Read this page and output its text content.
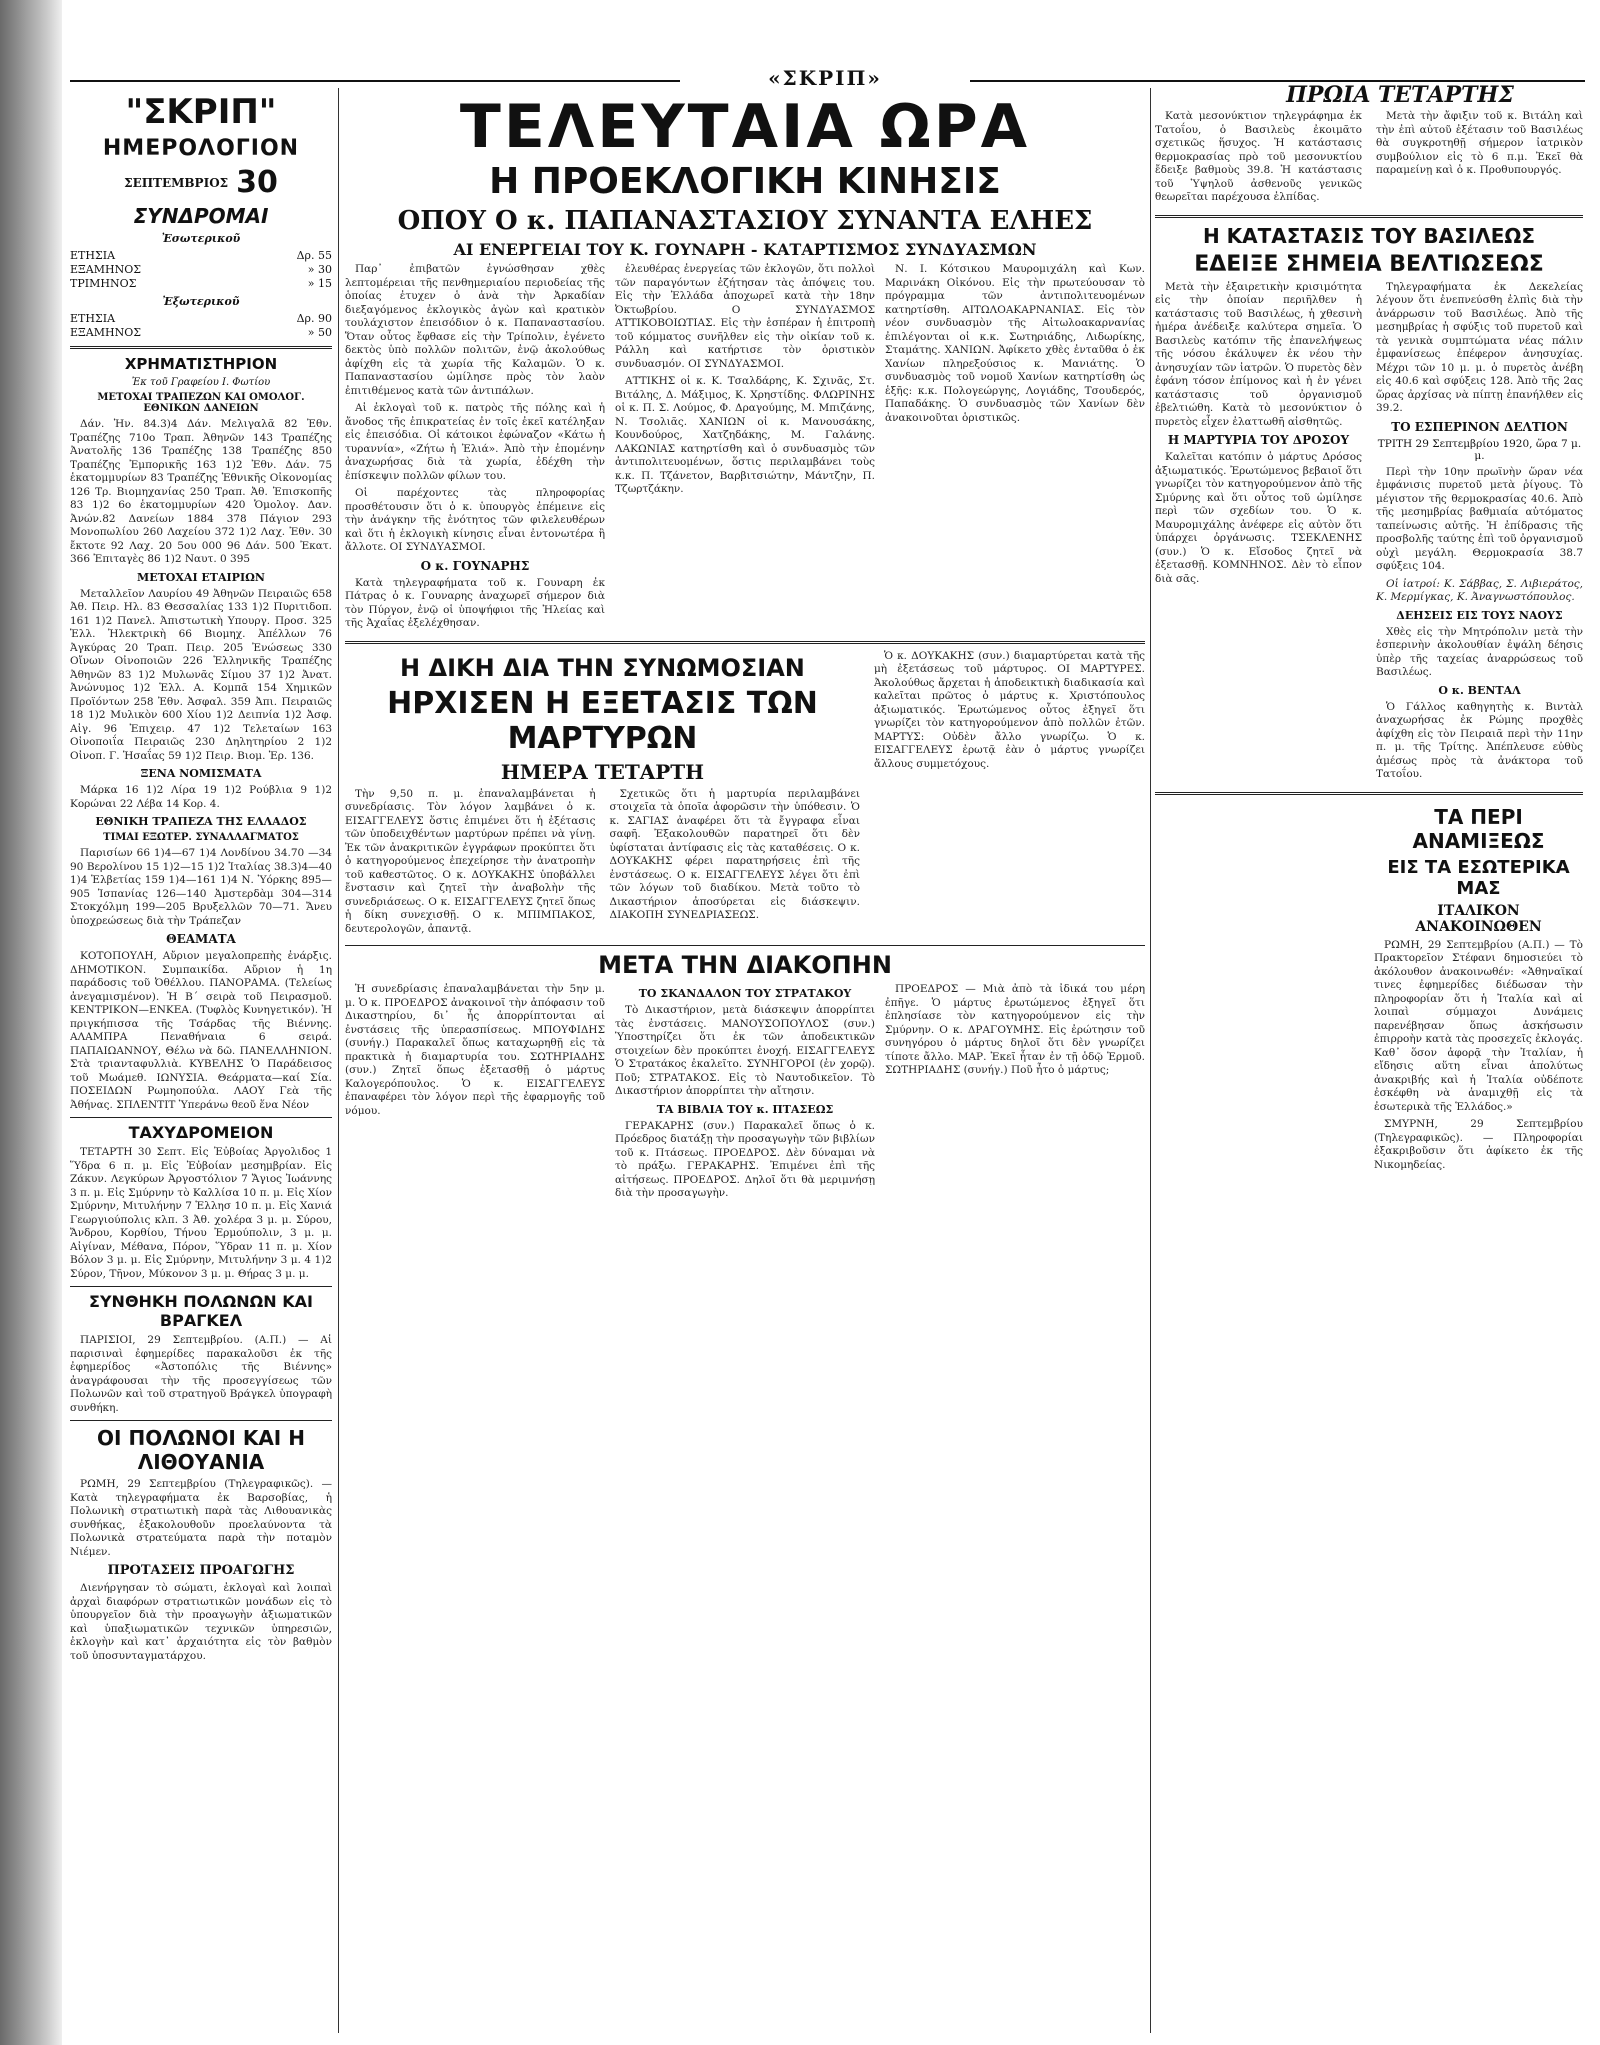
«ΣΚΡΙΠ»
ΠΡΩΙΑ ΤΕΤΑΡΤΗΣ
"ΣΚΡΙΠ"
ΗΜΕΡΟΛΟΓΙΟΝ
ΣΕΠΤΕΜΒΡΙΟΣ 30
ΣΥΝΔΡΟΜΑΙ
Ἐσωτερικοῦ
ΕΤΗΣΙΑ	Δρ. 55
ΕΞΑΜΗΝΟΣ	» 30
ΤΡΙΜΗΝΟΣ	» 15
Ἐξωτερικοῦ
ΕΤΗΣΙΑ	Δρ. 90
ΕΞΑΜΗΝΟΣ	» 50
ΧΡΗΜΑΤΙΣΤΗΡΙΟΝ
Ἐκ τοῦ Γραφείου Ι. Φωτίου
ΜΕΤΟΧΑΙ ΤΡΑΠΕΖΩΝ ΚΑΙ ΟΜΟΛΟΓ. ΕΘΝΙΚΩΝ ΔΑΝΕΙΩΝ

Δάν. Ἠν. 84.3)4 Δάν. Μελιγαλᾶ 82 Ἐθν. Τραπέζης 710ο Τραπ. Ἀθηνῶν 143 Τραπέζης Ἀνατολῆς 136 Τραπέζης 138 Τραπέζης 850 Τραπέζης Ἐμπορικῆς 163 1)2 Ἐθν. Δάν. 75 ἑκατομμυρίων 83 Τραπέζης Ἐθνικῆς Οἰκονομίας 126 Τρ. Βιομηχανίας 250 Τραπ. Ἀθ. Ἐπισκοπῆς 83 1)2 6ο ἑκατομμυρίων 420 Ὁμολογ. Δαν. Ἀνών.82 Δανείων 1884 378 Πάγιον 293 Μονοπωλίου 260 Λαχείου 372 1)2 Λαχ. Ἐθν. 30 ἔκτοτε 92 Λαχ. 20 5ου 000 96 Δάν. 500 Ἐκατ. 366 Ἐπιταγὲς 86 1)2 Ναυτ. 0 395

ΜΕΤΟΧΑΙ ΕΤΑΙΡΙΩΝ

Μεταλλεῖον Λαυρίου 49 Ἀθηνῶν Πειραιῶς 658 Ἀθ. Πειρ. Ηλ. 83 Θεσσαλίας 133 1)2 Πυριτιδοπ. 161 1)2 Πανελ. Ἀπιστωτικὴ Υπουργ. Προσ. 325 Ἑλλ. Ἠλεκτρικὴ 66 Βιομηχ. Ἀπέλλων 76 Ἀγκύρας 20 Τραπ. Πειρ. 205 Ἐνώσεως 330 Οἴνων Οἰνοποιῶν 226 Ἑλληνικῆς Τραπέζης Ἀθηνῶν 83 1)2 Μυλωνᾶς Σίμου 37 1)2 Ἀνατ. Ἀνώνυμος 1)2 Ἑλλ. Α. Κομπᾶ 154 Χημικῶν Προϊόντων 258 Ἐθν. Ἀσφαλ. 359 Ἀπι. Πειραιῶς 18 1)2 Μυλικὸν 600 Χίου 1)2 Δειπνία 1)2 Ἀσφ. Αἰγ. 96 Ἐπιχειρ. 47 1)2 Τελεταίων 163 Οἰνοποιΐα Πειραιῶς 230 Δηλητηρίου 2 1)2 Οἰνοπ. Γ. Ἡσαΐας 59 1)2 Πειρ. Βιομ. Ἐρ. 136.

ΞΕΝΑ ΝΟΜΙΣΜΑΤΑ

Μάρκα 16 1)2 Λίρα 19 1)2 Ρούβλια 9 1)2 Κορώναι 22 Λέβα 14 Κορ. 4.

ΕΘΝΙΚΗ ΤΡΑΠΕΖΑ ΤΗΣ ΕΛΛΑΔΟΣ
ΤΙΜΑΙ ΕΞΩΤΕΡ. ΣΥΝΑΛΛΑΓΜΑΤΟΣ

Παρισίων 66 1)4—67 1)4 Λονδίνου 34.70 —34 90 Βερολίνου 15 1)2—15 1)2 Ἰταλίας 38.3)4—40 1)4 Ἑλβετίας 159 1)4—161 1)4 Ν. Ὑόρκης 895—905 Ἰσπανίας 126—140 Ἀμστερδὰμ 304—314 Στοκχόλμη 199—205 Βρυξελλῶν 70—71. Ἄνευ ὑποχρεώσεως διὰ τὴν Τράπεζαν

ΘΕΑΜΑΤΑ

ΚΟΤΟΠΟΥΛΗ, Αὔριον μεγαλοπρεπὴς ἐνάρξις. ΔΗΜΟΤΙΚΟΝ. Συμπαικίδα. Αὔριον ἡ 1η παράδοσις τοῦ Ὀθέλλου. ΠΑΝΟΡΑΜΑ. (Τελείως ἀνεγαμισμένον). Ἡ Β΄ σειρὰ τοῦ Πειρασμοῦ. ΚΕΝΤΡΙΚΟΝ—ΕΝΚΕΑ. (Τυφλὸς Κυνηγετικόν). Ἡ πριγκήπισσα τῆς Τσάρδας τῆς Βιέννης. ΑΛΑΜΠΡΑ Πεναθήναια 6 σειρά. ΠΑΠΑΙΩΑΝΝΟΥ, Θέλω νὰ δῶ. ΠΑΝΕΛΛΗΝΙΟΝ. Στὰ τριανταφυλλιὰ. ΚΥΒΕΛΗΣ Ὁ Παράδεισος τοῦ Μωάμεθ. ΙΩΝΥΣΙΑ. Θεάρματα—καί Σία. ΠΟΣΕΙΔΩΝ Ρωμηοπούλα. ΛΑΟΥ Γεὰ τῆς Ἀθήνας. ΣΠΛΕΝΤΙΤ Ὑπεράνω θεοῦ ἕνα Νέον

ΤΑΧΥΔΡΟΜΕΙΟΝ

ΤΕΤΑΡΤΗ 30 Σεπτ. Εἰς Ἐὐβοίας Ἀργολιδος 1 Ὕδρα 6 π. μ. Εἰς Ἐὐβοίαν μεσημβρίαν. Εἰς Ζάκυν. Λεγκύρων Ἀργοστόλιον 7 Ἄγιος Ἰωάννης 3 π. μ. Εἰς Σμύρνην τὸ Καλλίσα 10 π. μ. Εἰς Χίον Σμύρνην, Μιτυλήνην 7 Ἑλλησ 10 π. μ. Εἰς Χανιά Γεωργιούπολις κλπ. 3 Ἀθ. χολέρα 3 μ. μ. Σύρου, Ἄνδρου, Κορθίου, Τήνου Ἐρμούπολιν, 3 μ. μ. Αἰγίναν, Μέθανα, Πόρον, Ὕδραν 11 π. μ. Χίον Βόλον 3 μ. μ. Εἰς Σμύρνην, Μιτυλήνην 3 μ. 4 1)2 Σύρον, Τῆνον, Μύκονον 3 μ. μ. Θήρας 3 μ. μ.

ΣΥΝΘΗΚΗ ΠΟΛΩΝΩΝ ΚΑΙ ΒΡΑΓΚΕΛ

ΠΑΡΙΣΙΟΙ, 29 Σεπτεμβρίου. (Α.Π.) — Αἱ παρισιναὶ ἐφημερίδες παρακαλοῦσι ἐκ τῆς ἐφημερίδος «Ἀστοπόλις τῆς Βιέννης» ἀναγράφουσαι τὴν τῆς προσεγγίσεως τῶν Πολωνῶν καὶ τοῦ στρατηγοῦ Βράγκελ ὑπογραφὴ συνθήκη.

ΟΙ ΠΟΛΩΝΟΙ ΚΑΙ Η ΛΙΘΟΥΑΝΙΑ

ΡΩΜΗ, 29 Σεπτεμβρίου (Τηλεγραφικῶς). — Κατὰ τηλεγραφήματα ἐκ Βαρσοβίας, ἡ Πολωνικὴ στρατιωτικὴ παρὰ τὰς Λιθουανικὰς συνθήκας, ἐξακολουθοῦν προελαύνοντα τὰ Πολωνικὰ στρατεύματα παρὰ τὴν ποταμὸν Νιέμεν.

ΠΡΟΤΑΣΕΙΣ ΠΡΟΑΓΩΓΗΣ

Διενήργησαν τὸ σώματι, ἐκλογαὶ καὶ λοιπαὶ ἀρχαὶ διαφόρων στρατιωτικῶν μονάδων εἰς τὸ ὑπουργεῖον διὰ τὴν προαγωγὴν ἀξιωματικῶν καὶ ὑπαξιωματικῶν τεχνικῶν ὑπηρεσιῶν, ἐκλογὴν καὶ κατ᾽ ἀρχαιότητα εἰς τὸν βαθμὸν τοῦ ὑποσυνταγματάρχου.

ΤΕΛΕΥΤΑΙΑ ΩΡΑ
Η ΠΡΟΕΚΛΟΓΙΚΗ ΚΙΝΗΣΙΣ
ΟΠΟΥ Ο κ. ΠΑΠΑΝΑΣΤΑΣΙΟΥ ΣΥΝΑΝΤΑ ΕΛΗΕΣ
ΑΙ ΕΝΕΡΓΕΙΑΙ ΤΟΥ Κ. ΓΟΥΝΑΡΗ - ΚΑΤΑΡΤΙΣΜΟΣ ΣΥΝΔΥΑΣΜΩΝ

Παρ᾽ ἐπιβατῶν ἐγνώσθησαν χθὲς λεπτομέρειαι τῆς πενθημεριαίου περιοδείας τῆς ὁποίας ἐτυχεν ὁ ἀνὰ τὴν Ἀρκαδίαν διεξαγόμενος ἐκλογικὸς ἀγὼν καὶ κρατικὸν τουλάχιστον ἐπεισόδιον ὁ κ. Παπαναστασίου. Ὅταν οὗτος ἔφθασε εἰς τὴν Τρίπολιν, ἐγένετο δεκτὸς ὑπὸ πολλῶν πολιτῶν, ἐνῷ ἀκολούθως ἀφίχθη εἰς τὰ χωρία τῆς Καλαμῶν. Ὁ κ. Παπαναστασίου ὡμίλησε πρὸς τὸν λαὸν ἐπιτιθέμενος κατὰ τῶν ἀντιπάλων.

Αἱ ἐκλογαὶ τοῦ κ. πατρὸς τῆς πόλης καὶ ἡ ἄνοδος τῆς ἐπικρατείας ἐν τοῖς ἐκεῖ κατέληξαν εἰς ἐπεισόδια. Οἱ κάτοικοι ἐφώναζον «Κάτω ἡ τυραννία», «Ζήτω ἡ Ἐλιά». Ἀπὸ τὴν ἐπομένην ἀναχωρήσας διὰ τὰ χωρία, ἐδέχθη τὴν ἐπίσκεψιν πολλῶν φίλων του.

Οἱ παρέχοντες τὰς πληροφορίας προσθέτουσιν ὅτι ὁ κ. ὑπουργὸς ἐπέμεινε εἰς τὴν ἀνάγκην τῆς ἑνότητος τῶν φιλελευθέρων καὶ ὅτι ἡ ἐκλογικὴ κίνησις εἶναι ἐντονωτέρα ἢ ἄλλοτε. ΟΙ ΣΥΝΔΥΑΣΜΟΙ.

Ο κ. ΓΟΥΝΑΡΗΣ

Κατὰ τηλεγραφήματα τοῦ κ. Γουναρη ἐκ Πάτρας ὁ κ. Γουναρης ἀναχωρεῖ σήμερον διὰ τὸν Πύργον, ἐνῷ οἱ ὑποψήφιοι τῆς Ἠλείας καὶ τῆς Ἀχαΐας ἐξελέχθησαν.

ἐλευθέρας ἐνεργείας τῶν ἐκλογῶν, ὅτι πολλοὶ τῶν παραγόντων ἐζήτησαν τὰς ἀπόψεις του. Εἰς τὴν Ἑλλάδα ἀποχωρεῖ κατὰ τὴν 18ην Ὀκτωβρίου. Ο ΣΥΝΔΥΑΣΜΟΣ ΑΤΤΙΚΟΒΟΙΩΤΙΑΣ. Εἰς τὴν ἑσπέραν ἡ ἐπιτροπὴ τοῦ κόμματος συνῆλθεν εἰς τὴν οἰκίαν τοῦ κ. Ράλλη καὶ κατήρτισε τὸν ὁριστικὸν συνδυασμόν. ΟΙ ΣΥΝΔΥΑΣΜΟΙ.

ΑΤΤΙΚΗΣ οἱ κ. Κ. Τσαλδάρης, Κ. Σχινᾶς, Στ. Βιτάλης, Δ. Μάξιμος, Κ. Χρηστίδης. ΦΛΩΡΙΝΗΣ οἱ κ. Π. Σ. Λούμος, Φ. Δραγούμης, Μ. Μπιζάνης, Ν. Τσολιᾶς. ΧΑΝΙΩΝ οἱ κ. Μανουσάκης, Κουνδούρος, Χατζηδάκης, Μ. Γαλάνης. ΛΑΚΩΝΙΑΣ κατηρτίσθη καὶ ὁ συνδυασμὸς τῶν ἀντιπολιτευομένων, ὅστις περιλαμβάνει τοὺς κ.κ. Π. Τζάνετον, Βαρβιτσιώτην, Μάντζην, Π. Τζωρτζάκην.

Ν. Ι. Κότσικου Μαυρομιχάλη καὶ Κων. Μαρινάκη Οἰκόνου. Εἰς τὴν πρωτεύουσαν τὸ πρόγραμμα τῶν ἀντιπολιτευομένων κατηρτίσθη. ΑΙΤΩΛΟΑΚΑΡΝΑΝΙΑΣ. Εἰς τὸν νέον συνδυασμὸν τῆς Αἰτωλοακαρνανίας ἐπιλέγονται οἱ κ.κ. Σωτηριάδης, Λιδωρίκης, Σταμάτης. ΧΑΝΙΩΝ. Ἀφίκετο χθὲς ἐνταῦθα ὁ ἐκ Χανίων πληρεξούσιος κ. Μανιάτης. Ὁ συνδυασμὸς τοῦ νομοῦ Χανίων κατηρτίσθη ὡς ἑξῆς: κ.κ. Πολογεώργης, Λογιάδης, Τσουδερός, Παπαδάκης. Ὁ συνδυασμὸς τῶν Χανίων δὲν ἀνακοινοῦται ὁριστικῶς.

Η ΔΙΚΗ ΔΙΑ ΤΗΝ ΣΥΝΩΜΟΣΙΑΝ
ΗΡΧΙΣΕΝ Η ΕΞΕΤΑΣΙΣ ΤΩΝ ΜΑΡΤΥΡΩΝ
ΗΜΕΡΑ ΤΕΤΑΡΤΗ

Τὴν 9,50 π. μ. ἐπαναλαμβάνεται ἡ συνεδρίασις. Τὸν λόγον λαμβάνει ὁ κ. ΕΙΣΑΓΓΕΛΕΥΣ ὅστις ἐπιμένει ὅτι ἡ ἐξέτασις τῶν ὑποδειχθέντων μαρτύρων πρέπει νὰ γίνῃ. Ἐκ τῶν ἀνακριτικῶν ἐγγράφων προκύπτει ὅτι ὁ κατηγορούμενος ἐπεχείρησε τὴν ἀνατροπὴν τοῦ καθεστῶτος. Ο κ. ΔΟΥΚΑΚΗΣ ὑποβάλλει ἔνστασιν καὶ ζητεῖ τὴν ἀναβολὴν τῆς συνεδριάσεως. Ο κ. ΕΙΣΑΓΓΕΛΕΥΣ ζητεῖ ὅπως ἡ δίκη συνεχισθῇ. Ο κ. ΜΠΙΜΠΑΚΟΣ, δευτερολογῶν, ἀπαντᾷ.

Σχετικῶς ὅτι ἡ μαρτυρία περιλαμβάνει στοιχεῖα τὰ ὁποῖα ἀφορῶσιν τὴν ὑπόθεσιν. Ὁ κ. ΣΑΓΙΑΣ ἀναφέρει ὅτι τὰ ἔγγραφα εἶναι σαφῆ. Ἐξακολουθῶν παρατηρεῖ ὅτι δὲν ὑφίσταται ἀντίφασις εἰς τὰς καταθέσεις. Ο κ. ΔΟΥΚΑΚΗΣ φέρει παρατηρήσεις ἐπὶ τῆς ἐνστάσεως. Ο κ. ΕΙΣΑΓΓΕΛΕΥΣ λέγει ὅτι ἐπὶ τῶν λόγων τοῦ διαδίκου. Μετὰ τοῦτο τὸ Δικαστήριον ἀποσύρεται εἰς διάσκεψιν. ΔΙΑΚΟΠΗ ΣΥΝΕΔΡΙΑΣΕΩΣ.

Ὁ κ. ΔΟΥΚΑΚΗΣ (συν.) διαμαρτύρεται κατὰ τῆς μὴ ἐξετάσεως τοῦ μάρτυρος. ΟΙ ΜΑΡΤΥΡΕΣ. Ἀκολούθως ἄρχεται ἡ ἀποδεικτικὴ διαδικασία καὶ καλεῖται πρῶτος ὁ μάρτυς κ. Χριστόπουλος ἀξιωματικός. Ἐρωτώμενος οὗτος ἐξηγεῖ ὅτι γνωρίζει τὸν κατηγορούμενον ἀπὸ πολλῶν ἐτῶν. ΜΑΡΤΥΣ: Οὐδὲν ἄλλο γνωρίζω. Ὁ κ. ΕΙΣΑΓΓΕΛΕΥΣ ἐρωτᾷ ἐὰν ὁ μάρτυς γνωρίζει ἄλλους συμμετόχους.

ΜΕΤΑ ΤΗΝ ΔΙΑΚΟΠΗΝ

Ἡ συνεδρίασις ἐπαναλαμβάνεται τὴν 5ην μ. μ. Ὁ κ. ΠΡΟΕΔΡΟΣ ἀνακοινοῖ τὴν ἀπόφασιν τοῦ Δικαστηρίου, δι᾽ ἧς ἀπορρίπτονται αἱ ἐνστάσεις τῆς ὑπερασπίσεως. ΜΠΟΥΦΙΔΗΣ (συνήγ.) Παρακαλεῖ ὅπως καταχωρηθῇ εἰς τὰ πρακτικὰ ἡ διαμαρτυρία του. ΣΩΤΗΡΙΑΔΗΣ (συν.) Ζητεῖ ὅπως ἐξετασθῇ ὁ μάρτυς Καλογερόπουλος. Ὁ κ. ΕΙΣΑΓΓΕΛΕΥΣ ἐπαναφέρει τὸν λόγον περὶ τῆς ἐφαρμογῆς τοῦ νόμου.

ΤΟ ΣΚΑΝΔΑΛΟΝ ΤΟΥ ΣΤΡΑΤΑΚΟΥ

Τὸ Δικαστήριον, μετὰ διάσκεψιν ἀπορρίπτει τὰς ἐνστάσεις. ΜΑΝΟΥΣΟΠΟΥΛΟΣ (συν.) Ὑποστηρίζει ὅτι ἐκ τῶν ἀποδεικτικῶν στοιχείων δὲν προκύπτει ἐνοχή. ΕΙΣΑΓΓΕΛΕΥΣ Ὁ Στρατάκος ἐκαλεῖτο. ΣΥΝΗΓΟΡΟΙ (ἐν χορῷ). Ποῦ; ΣΤΡΑΤΑΚΟΣ. Εἰς τὸ Ναυτοδικεῖον. Τὸ Δικαστήριον ἀπορρίπτει τὴν αἴτησιν.

ΤΑ ΒΙΒΛΙΑ ΤΟΥ κ. ΠΤΑΣΕΩΣ

ΓΕΡΑΚΑΡΗΣ (συν.) Παρακαλεῖ ὅπως ὁ κ. Πρόεδρος διατάξῃ τὴν προσαγωγὴν τῶν βιβλίων τοῦ κ. Πτάσεως. ΠΡΟΕΔΡΟΣ. Δὲν δύναμαι νὰ τὸ πράξω. ΓΕΡΑΚΑΡΗΣ. Ἐπιμένει ἐπὶ τῆς αἰτήσεως. ΠΡΟΕΔΡΟΣ. Δηλοῖ ὅτι θὰ μεριμνήσῃ διὰ τὴν προσαγωγὴν.

ΠΡΟΕΔΡΟΣ — Μιὰ ἀπὸ τὰ ἰδικά του μέρη ἐπῆγε. Ὁ μάρτυς ἐρωτώμενος ἐξηγεῖ ὅτι ἐπλησίασε τὸν κατηγορούμενον εἰς τὴν Σμύρνην. Ο κ. ΔΡΑΓΟΥΜΗΣ. Εἰς ἐρώτησιν τοῦ συνηγόρου ὁ μάρτυς δηλοῖ ὅτι δὲν γνωρίζει τίποτε ἄλλο. ΜΑΡ. Ἐκεῖ ἦταν ἐν τῇ ὁδῷ Ἑρμοῦ. ΣΩΤΗΡΙΑΔΗΣ (συνήγ.) Ποῦ ἦτο ὁ μάρτυς;

Κατὰ μεσονύκτιον τηλεγράφημα ἐκ Τατοΐου, ὁ Βασιλεὺς ἐκοιμᾶτο σχετικῶς ἥσυχος. Ἡ κατάστασις θερμοκρασίας πρὸ τοῦ μεσονυκτίου ἔδειξε βαθμοὺς 39.8. Ἡ κατάστασις τοῦ Ὑψηλοῦ ἀσθενοῦς γενικῶς θεωρεῖται παρέχουσα ἐλπίδας.

Μετὰ τὴν ἄφιξιν τοῦ κ. Βιτάλη καὶ τὴν ἐπὶ αὐτοῦ ἐξέτασιν τοῦ Βασιλέως θὰ συγκροτηθῇ σήμερον ἰατρικὸν συμβούλιον εἰς τὸ 6 π.μ. Ἐκεῖ θὰ παραμείνῃ καὶ ὁ κ. Προθυπουργός.

Η ΚΑΤΑΣΤΑΣΙΣ ΤΟΥ ΒΑΣΙΛΕΩΣ
ΕΔΕΙΞΕ ΣΗΜΕΙΑ ΒΕΛΤΙΩΣΕΩΣ

Μετὰ τὴν ἐξαιρετικὴν κρισιμότητα εἰς τὴν ὁποίαν περιῆλθεν ἡ κατάστασις τοῦ Βασιλέως, ἡ χθεσινὴ ἡμέρα ἀνέδειξε καλύτερα σημεῖα. Ὁ Βασιλεὺς κατόπιν τῆς ἐπανελήψεως τῆς νόσου ἐκάλυψεν ἐκ νέου τὴν ἀνησυχίαν τῶν ἰατρῶν. Ὁ πυρετὸς δὲν ἐφάνη τόσον ἐπίμονος καὶ ἡ ἐν γένει κατάστασις τοῦ ὀργανισμοῦ ἐβελτιώθη. Κατὰ τὸ μεσονύκτιον ὁ πυρετὸς εἶχεν ἐλαττωθῆ αἰσθητῶς.

Η ΜΑΡΤΥΡΙΑ ΤΟΥ ΔΡΟΣΟΥ

Καλεῖται κατόπιν ὁ μάρτυς Δρόσος ἀξιωματικός. Ἐρωτώμενος βεβαιοῖ ὅτι γνωρίζει τὸν κατηγορούμενον ἀπὸ τῆς Σμύρνης καὶ ὅτι οὗτος τοῦ ὡμίλησε περὶ τῶν σχεδίων του. Ὁ κ. Μαυρομιχάλης ἀνέφερε εἰς αὐτὸν ὅτι ὑπάρχει ὀργάνωσις. ΤΣΕΚΛΕΝΗΣ (συν.) Ὁ κ. Εἴσοδος ζητεῖ νὰ ἐξετασθῇ. ΚΟΜΝΗΝΟΣ. Δὲν τὸ εἶπον διὰ σᾶς.

Τηλεγραφήματα ἐκ Δεκελείας λέγουν ὅτι ἐνεπνεύσθη ἐλπὶς διὰ τὴν ἀνάρρωσιν τοῦ Βασιλέως. Ἀπὸ τῆς μεσημβρίας ἡ σφύξις τοῦ πυρετοῦ καὶ τὰ γενικὰ συμπτώματα νέας πάλιν ἐμφανίσεως ἐπέφερον ἀνησυχίας. Μέχρι τῶν 10 μ. μ. ὁ πυρετὸς ἀνέβη εἰς 40.6 καὶ σφύξεις 128. Ἀπὸ τῆς 2ας ὥρας ἀρχίσας νὰ πίπτῃ ἐπανήλθεν εἰς 39.2.

ΤΟ ΕΣΠΕΡΙΝΟΝ ΔΕΛΤΙΟΝ
ΤΡΙΤΗ 29 Σεπτεμβρίου 1920, ὥρα 7 μ. μ.

Περὶ τὴν 10ην πρωϊνὴν ὥραν νέα ἐμφάνισις πυρετοῦ μετὰ ῥίγους. Τὸ μέγιστον τῆς θερμοκρασίας 40.6. Ἀπὸ τῆς μεσημβρίας βαθμιαία αὐτόματος ταπείνωσις αὐτῆς. Ἡ ἐπίδρασις τῆς προσβολῆς ταύτης ἐπὶ τοῦ ὀργανισμοῦ οὐχὶ μεγάλη. Θερμοκρασία 38.7 σφύξεις 104.

Οἱ ἰατροί: Κ. Σάββας, Σ. Λιβιεράτος, Κ. Μερμίγκας, Κ. Ἀναγνωστόπουλος.

ΔΕΗΣΕΙΣ ΕΙΣ ΤΟΥΣ ΝΑΟΥΣ

Χθὲς εἰς τὴν Μητρόπολιν μετὰ τὴν ἑσπερινὴν ἀκολουθίαν ἐψάλη δέησις ὑπὲρ τῆς ταχείας ἀναρρώσεως τοῦ Βασιλέως.

Ο κ. ΒΕΝΤΑΛ

Ὁ Γάλλος καθηγητὴς κ. Βιντὰλ ἀναχωρήσας ἐκ Ρώμης προχθὲς ἀφίχθη εἰς τὸν Πειραιᾶ περὶ τὴν 11ην π. μ. τῆς Τρίτης. Ἀπέπλευσε εὐθὺς ἀμέσως πρὸς τὰ ἀνάκτορα τοῦ Τατοΐου.

ΤΑ ΠΕΡΙ ΑΝΑΜΙΞΕΩΣ
ΕΙΣ ΤΑ ΕΣΩΤΕΡΙΚΑ ΜΑΣ
ΙΤΑΛΙΚΟΝ ΑΝΑΚΟΙΝΩΘΕΝ

ΡΩΜΗ, 29 Σεπτεμβρίου (Α.Π.) — Τὸ Πρακτορεῖον Στέφανι δημοσιεύει τὸ ἀκόλουθον ἀνακοινωθέν: «Ἀθηναϊκαί τινες ἐφημερίδες διέδωσαν τὴν πληροφορίαν ὅτι ἡ Ἰταλία καὶ αἱ λοιπαὶ σύμμαχοι Δυνάμεις παρενέβησαν ὅπως ἀσκήσωσιν ἐπιρροὴν κατὰ τὰς προσεχεῖς ἐκλογάς. Καθ᾽ ὅσον ἀφορᾷ τὴν Ἰταλίαν, ἡ εἴδησις αὕτη εἶναι ἀπολύτως ἀνακριβής καὶ ἡ Ἰταλία οὐδέποτε ἐσκέφθη νὰ ἀναμιχθῇ εἰς τὰ ἐσωτερικὰ τῆς Ἑλλάδος.»

ΣΜΥΡΝΗ, 29 Σεπτεμβρίου (Τηλεγραφικῶς). — Πληροφορίαι ἐξακριβοῦσιν ὅτι ἀφίκετο ἐκ τῆς Νικομηδείας.
